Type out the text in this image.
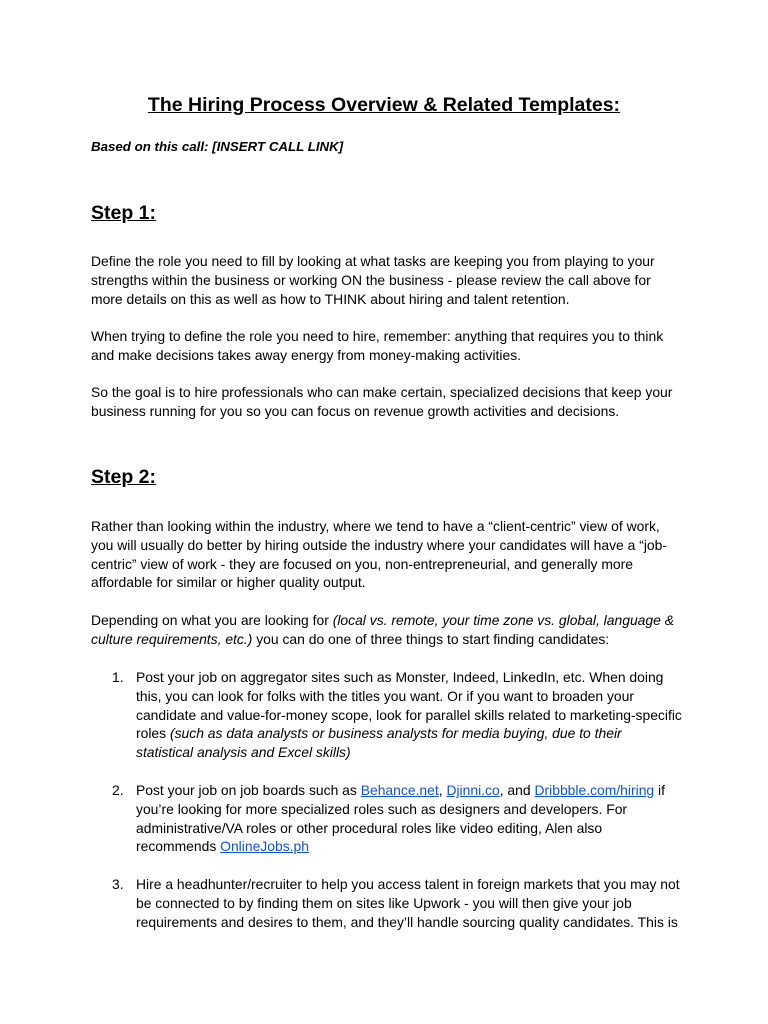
The Hiring Process Overview & Related Templates:

Based on this call: [INSERT CALL LINK]

Step 1:

Define the role you need to fill by looking at what tasks are keeping you from playing to your strengths within the business or working ON the business - please review the call above for more details on this as well as how to THINK about hiring and talent retention.

When trying to define the role you need to hire, remember: anything that requires you to think and make decisions takes away energy from money-making activities.

So the goal is to hire professionals who can make certain, specialized decisions that keep your business running for you so you can focus on revenue growth activities and decisions.

Step 2:

Rather than looking within the industry, where we tend to have a “client-centric” view of work, you will usually do better by hiring outside the industry where your candidates will have a “job-centric” view of work - they are focused on you, non-entrepreneurial, and generally more affordable for similar or higher quality output.

Depending on what you are looking for (local vs. remote, your time zone vs. global, language & culture requirements, etc.) you can do one of three things to start finding candidates:

1. Post your job on aggregator sites such as Monster, Indeed, LinkedIn, etc. When doing this, you can look for folks with the titles you want. Or if you want to broaden your candidate and value-for-money scope, look for parallel skills related to marketing-specific roles (such as data analysts or business analysts for media buying, due to their statistical analysis and Excel skills)

2. Post your job on job boards such as Behance.net, Djinni.co, and Dribbble.com/hiring if you’re looking for more specialized roles such as designers and developers. For administrative/VA roles or other procedural roles like video editing, Alen also recommends OnlineJobs.ph

3. Hire a headhunter/recruiter to help you access talent in foreign markets that you may not be connected to by finding them on sites like Upwork - you will then give your job requirements and desires to them, and they’ll handle sourcing quality candidates. This is
